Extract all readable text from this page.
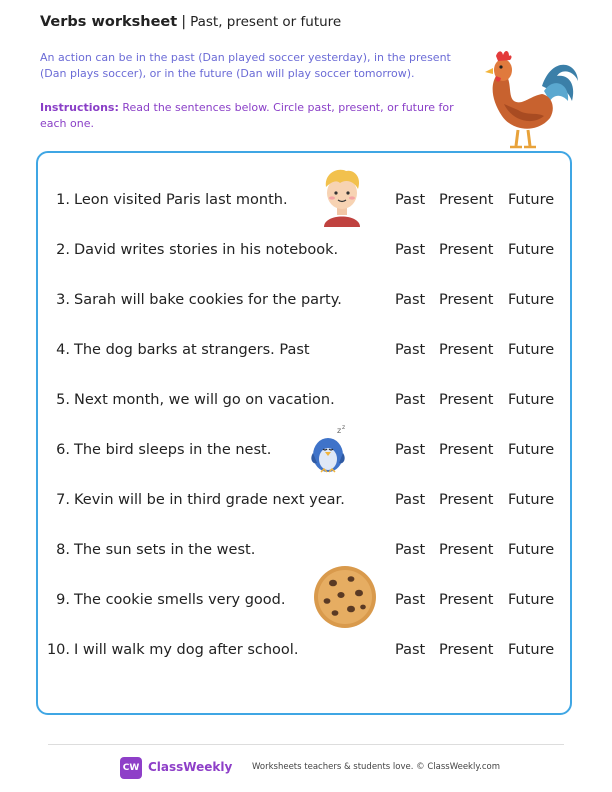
Verbs worksheet | Past, present or future
An action can be in the past (Dan played soccer yesterday), in the present (Dan plays soccer), or in the future (Dan will play soccer tomorrow).
Instructions: Read the sentences below. Circle past, present, or future for each one.
1. Leon visited Paris last month.	Past Present Future
2. David writes stories in his notebook.	Past Present Future
3. Sarah will bake cookies for the party.	Past Present Future
4. The dog barks at strangers. Past	Past Present Future
5. Next month, we will go on vacation.	Past Present Future
6. The bird sleeps in the nest.	Past Present Future
7. Kevin will be in third grade next year.	Past Present Future
8. The sun sets in the west.	Past Present Future
9. The cookie smells very good.	Past Present Future
10. I will walk my dog after school.	Past Present Future
z z
CW ClassWeekly Worksheets teachers & students love. © ClassWeekly.com
